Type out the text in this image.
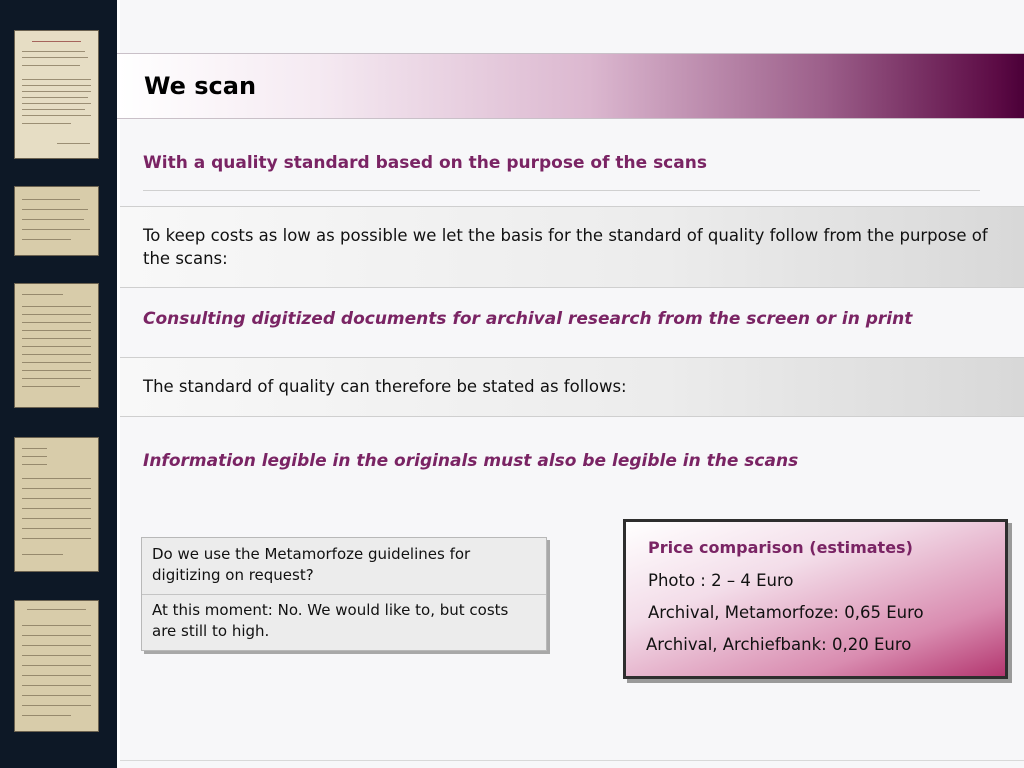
We scan
With a quality standard based on the purpose of the scans
To keep costs as low as possible we let the basis for the standard of quality follow from the purpose of the scans:
Consulting digitized documents for archival research from the screen or in print
The standard of quality can therefore be stated as follows:
Information legible in the originals must also be legible in the scans
Do we use the Metamorfoze guidelines for digitizing on request?
At this moment: No. We would like to, but costs are still to high.
Price comparison (estimates)
Photo : 2 – 4 Euro
Archival, Metamorfoze: 0,65 Euro
Archival, Archiefbank: 0,20 Euro
